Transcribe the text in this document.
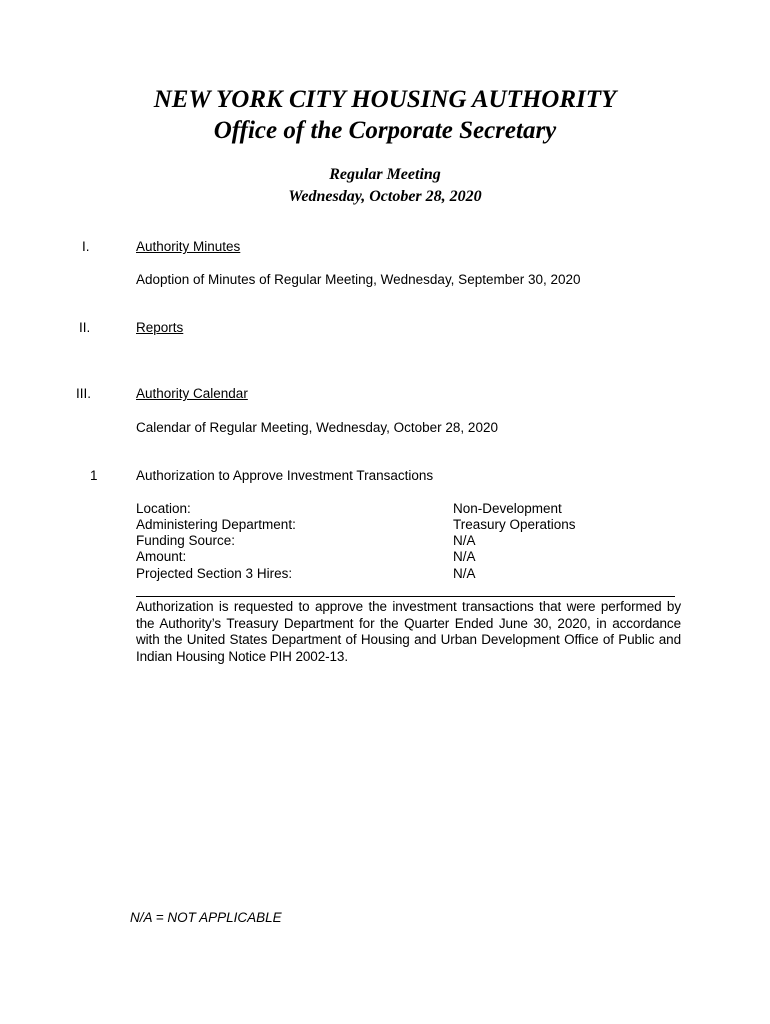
NEW YORK CITY HOUSING AUTHORITY
Office of the Corporate Secretary
Regular Meeting
Wednesday, October 28, 2020
I.	Authority Minutes
Adoption of Minutes of Regular Meeting, Wednesday, September 30, 2020
II.	Reports
III.	Authority Calendar
Calendar of Regular Meeting, Wednesday, October 28, 2020
1	Authorization to Approve Investment Transactions
Location:	Non-Development
Administering Department:	Treasury Operations
Funding Source:	N/A
Amount:	N/A
Projected Section 3 Hires:	N/A
Authorization is requested to approve the investment transactions that were performed by the Authority’s Treasury Department for the Quarter Ended June 30, 2020, in accordance with the United States Department of Housing and Urban Development Office of Public and Indian Housing Notice PIH 2002-13.
N/A = NOT APPLICABLE
